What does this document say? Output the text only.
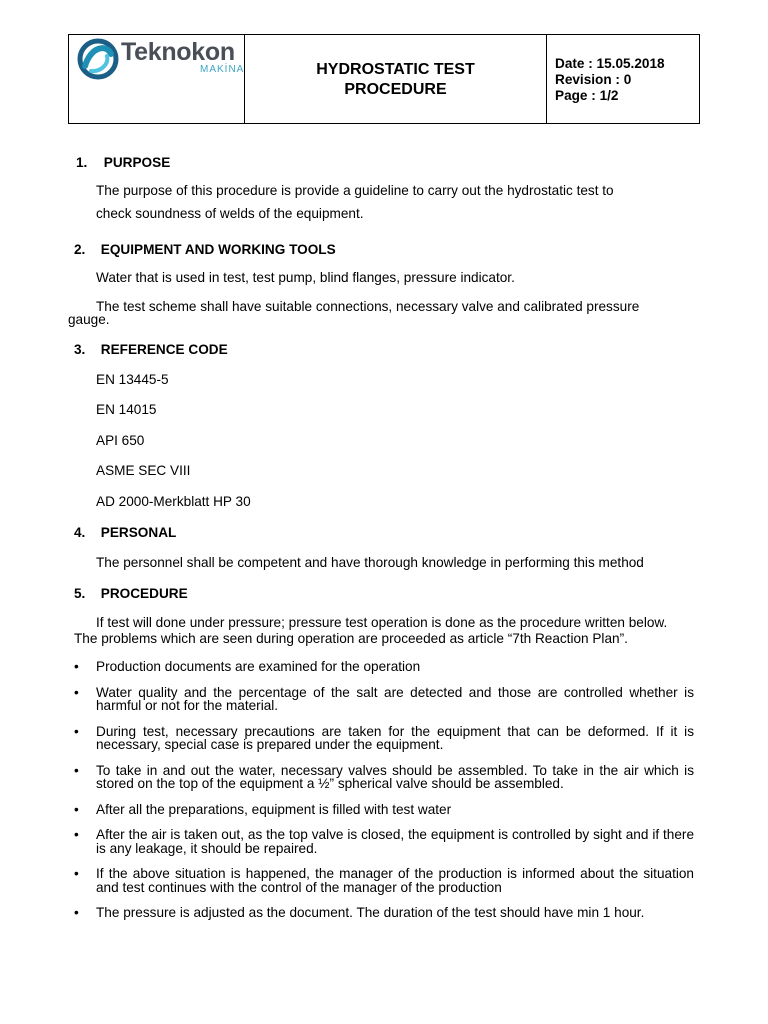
Teknokon
MAKİNA	HYDROSTATIC TEST
PROCEDURE
Date : 15.05.2018
Revision : 0
Page : 1/2
1. PURPOSE
The purpose of this procedure is provide a guideline to carry out the hydrostatic test to
check soundness of welds of the equipment.
2. EQUIPMENT AND WORKING TOOLS
Water that is used in test, test pump, blind flanges, pressure indicator.
The test scheme shall have suitable connections, necessary valve and calibrated pressure
gauge.
3. REFERENCE CODE
EN 13445-5
EN 14015
API 650
ASME SEC VIII
AD 2000-Merkblatt HP 30
4. PERSONAL
The personnel shall be competent and have thorough knowledge in performing this method
5. PROCEDURE
If test will done under pressure; pressure test operation is done as the procedure written below.
The problems which are seen during operation are proceeded as article “7th Reaction Plan”.
• Production documents are examined for the operation
• Water quality and the percentage of the salt are detected and those are controlled whether is harmful or not for the material.
• During test, necessary precautions are taken for the equipment that can be deformed. If it is necessary, special case is prepared under the equipment.
• To take in and out the water, necessary valves should be assembled. To take in the air which is stored on the top of the equipment a ½” spherical valve should be assembled.
• After all the preparations, equipment is filled with test water
• After the air is taken out, as the top valve is closed, the equipment is controlled by sight and if there is any leakage, it should be repaired.
• If the above situation is happened, the manager of the production is informed about the situation and test continues with the control of the manager of the production
• The pressure is adjusted as the document. The duration of the test should have min 1 hour.
